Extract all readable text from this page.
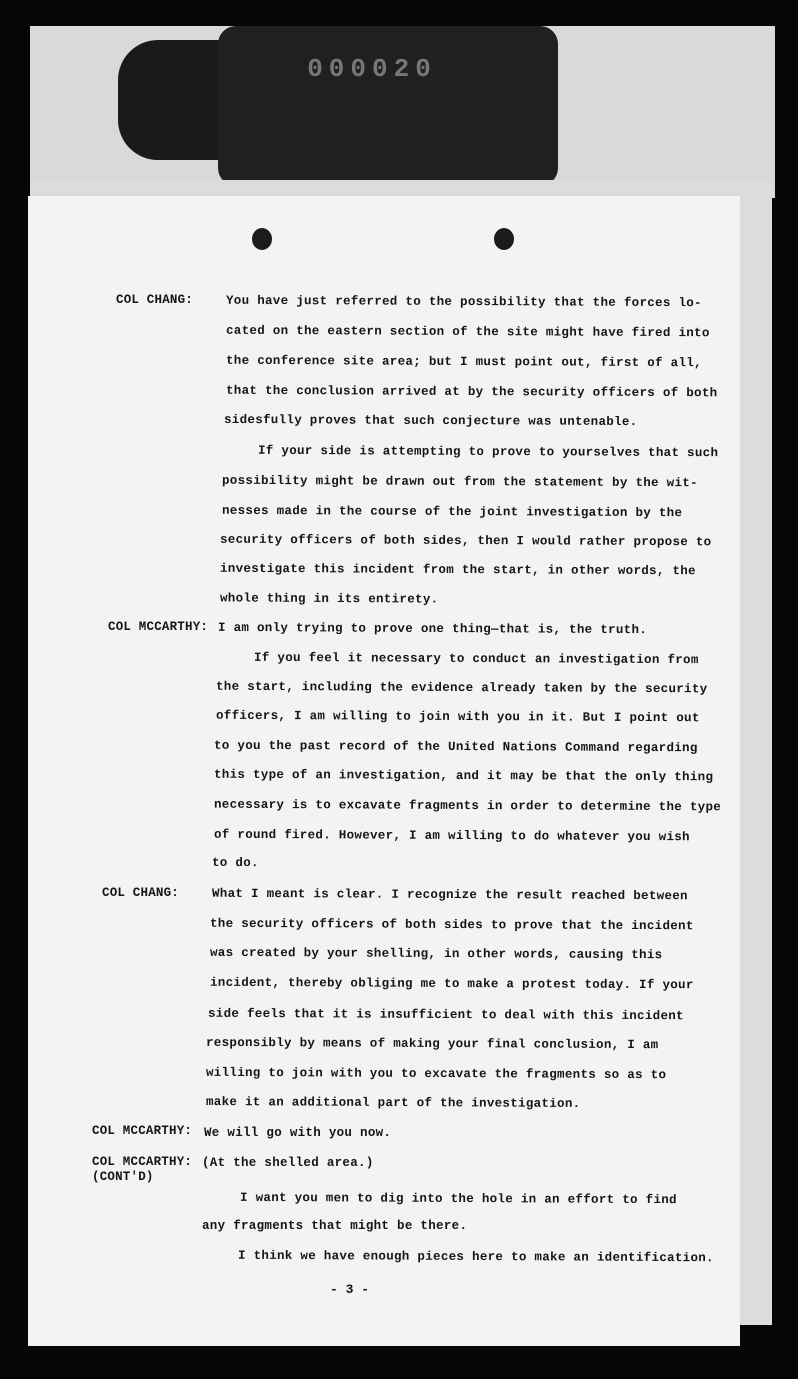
000020
COL CHANG:	You have just referred to the possibility that the forces lo-
cated on the eastern section of the site might have fired into
the conference site area; but I must point out, first of all,
that the conclusion arrived at by the security officers of both
sidesfully proves that such conjecture was untenable.
If your side is attempting to prove to yourselves that such
possibility might be drawn out from the statement by the wit-
nesses made in the course of the joint investigation by the
security officers of both sides, then I would rather propose to
investigate this incident from the start, in other words, the
whole thing in its entirety.
COL MCCARTHY: I am only trying to prove one thing—that is, the truth.
If you feel it necessary to conduct an investigation from
the start, including the evidence already taken by the security
officers, I am willing to join with you in it. But I point out
to you the past record of the United Nations Command regarding
this type of an investigation, and it may be that the only thing
necessary is to excavate fragments in order to determine the type
of round fired. However, I am willing to do whatever you wish
to do.
COL CHANG:	What I meant is clear. I recognize the result reached between
the security officers of both sides to prove that the incident
was created by your shelling, in other words, causing this
incident, thereby obliging me to make a protest today. If your
side feels that it is insufficient to deal with this incident
responsibly by means of making your final conclusion, I am
willing to join with you to excavate the fragments so as to
make it an additional part of the investigation.
COL MCCARTHY: We will go with you now.
COL MCCARTHY:
(CONT'D)
(At the shelled area.)
I want you men to dig into the hole in an effort to find
any fragments that might be there.
I think we have enough pieces here to make an identification.
- 3 -
